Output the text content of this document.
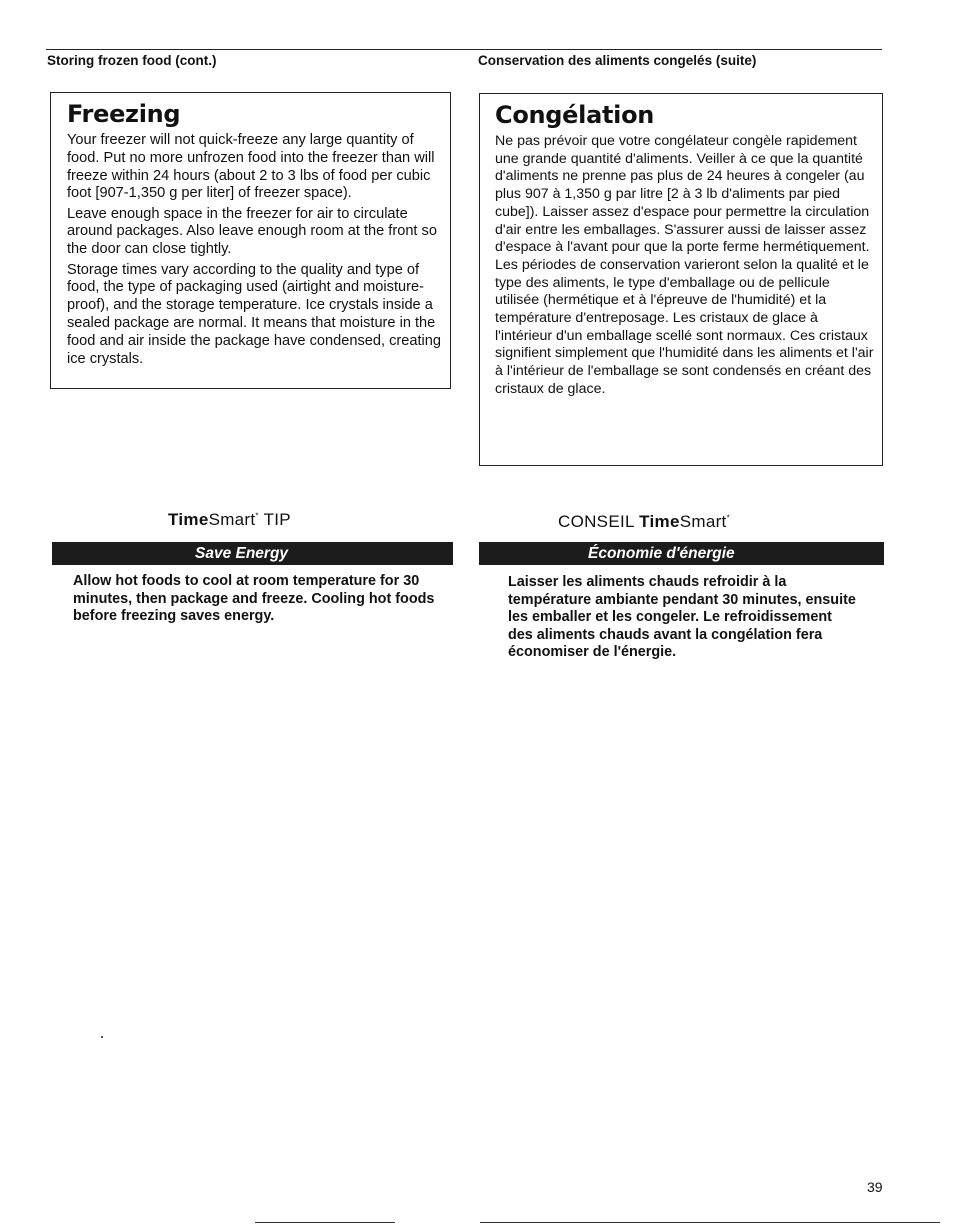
Storing frozen food (cont.)	Conservation des aliments congelés (suite)
Freezing

Your freezer will not quick-freeze any large quantity of food. Put no more unfrozen food into the freezer than will freeze within 24 hours (about 2 to 3 lbs of food per cubic foot [907-1,350 g per liter] of freezer space).

Leave enough space in the freezer for air to circulate around packages. Also leave enough room at the front so the door can close tightly.

Storage times vary according to the quality and type of food, the type of packaging used (airtight and moisture-proof), and the storage temperature. Ice crystals inside a sealed package are normal. It means that moisture in the food and air inside the package have condensed, creating ice crystals.

Congélation

Ne pas prévoir que votre congélateur congèle rapidement une grande quantité d'aliments. Veiller à ce que la quantité d'aliments ne prenne pas plus de 24 heures à congeler (au plus 907 à 1,350 g par litre [2 à 3 lb d'aliments par pied cube]). Laisser assez d'espace pour permettre la circulation d'air entre les emballages. S'assurer aussi de laisser assez d'espace à l'avant pour que la porte ferme hermétiquement.

Les périodes de conservation varieront selon la qualité et le type des aliments, le type d'emballage ou de pellicule utilisée (hermétique et à l'épreuve de l'humidité) et la température d'entreposage. Les cristaux de glace à l'intérieur d'un emballage scellé sont normaux. Ces cristaux signifient simplement que l'humidité dans les aliments et l'air à l'intérieur de l'emballage se sont condensés en créant des cristaux de glace.

TimeSmart* TIP
Save Energy
Allow hot foods to cool at room temperature for 30 minutes, then package and freeze. Cooling hot foods before freezing saves energy.
CONSEIL TimeSmart*
Économie d'énergie
Laisser les aliments chauds refroidir à la température ambiante pendant 30 minutes, ensuite les emballer et les congeler. Le refroidissement des aliments chauds avant la congélation fera économiser de l'énergie.
39
